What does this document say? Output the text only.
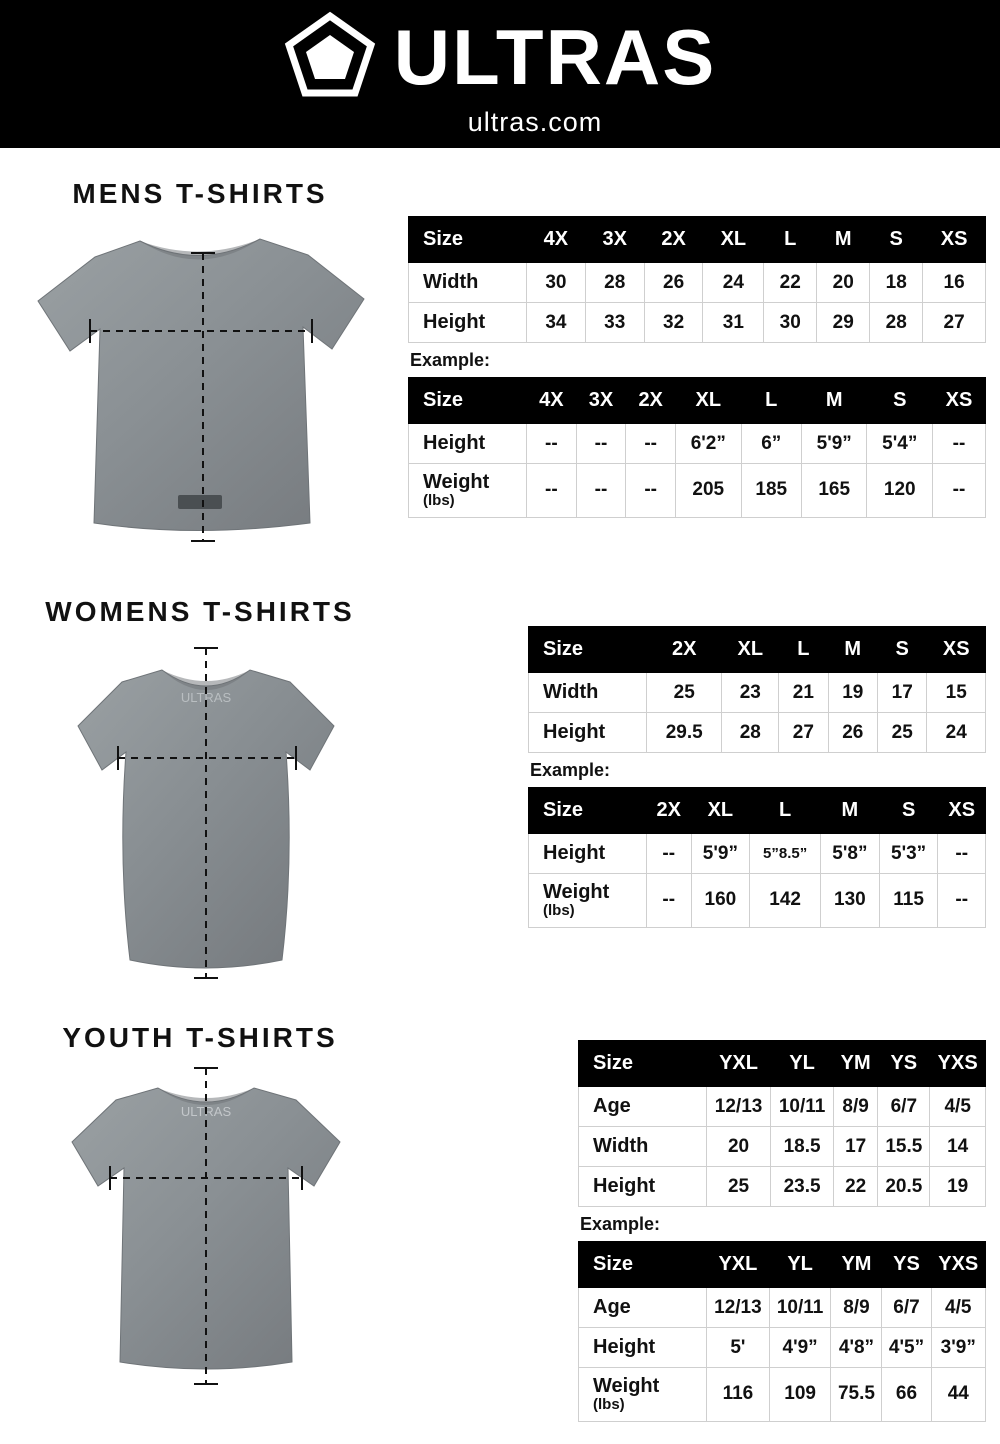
ULTRAS
ultras.com
MENS T-SHIRTS
Size	4X	3X	2X	XL	L	M	S	XS
Width	30	28	26	24	22	20	18	16
Height	34	33	32	31	30	29	28	27
Example:
Size	4X	3X	2X	XL	L	M	S	XS
Height	--	--	--	6'2”	6”	5'9”	5'4”	--
Weight
(lbs)	--	--	--	205	185	165	120	--
WOMENS T-SHIRTS
ULTRAS
Size	2X	XL	L	M	S	XS
Width	25	23	21	19	17	15
Height	29.5	28	27	26	25	24
Example:
Size	2X	XL	L	M	S	XS
Height	--	5'9”	5”8.5”	5'8”	5'3”	--
Weight
(lbs)	--	160	142	130	115	--
YOUTH T-SHIRTS
ULTRAS
Size	YXL	YL	YM	YS	YXS
Age	12/13	10/11	8/9	6/7	4/5
Width	20	18.5	17	15.5	14
Height	25	23.5	22	20.5	19
Example:
Size	YXL	YL	YM	YS	YXS
Age	12/13	10/11	8/9	6/7	4/5
Height	5'	4'9”	4'8”	4'5”	3'9”
Weight
(lbs)	116	109	75.5	66	44
